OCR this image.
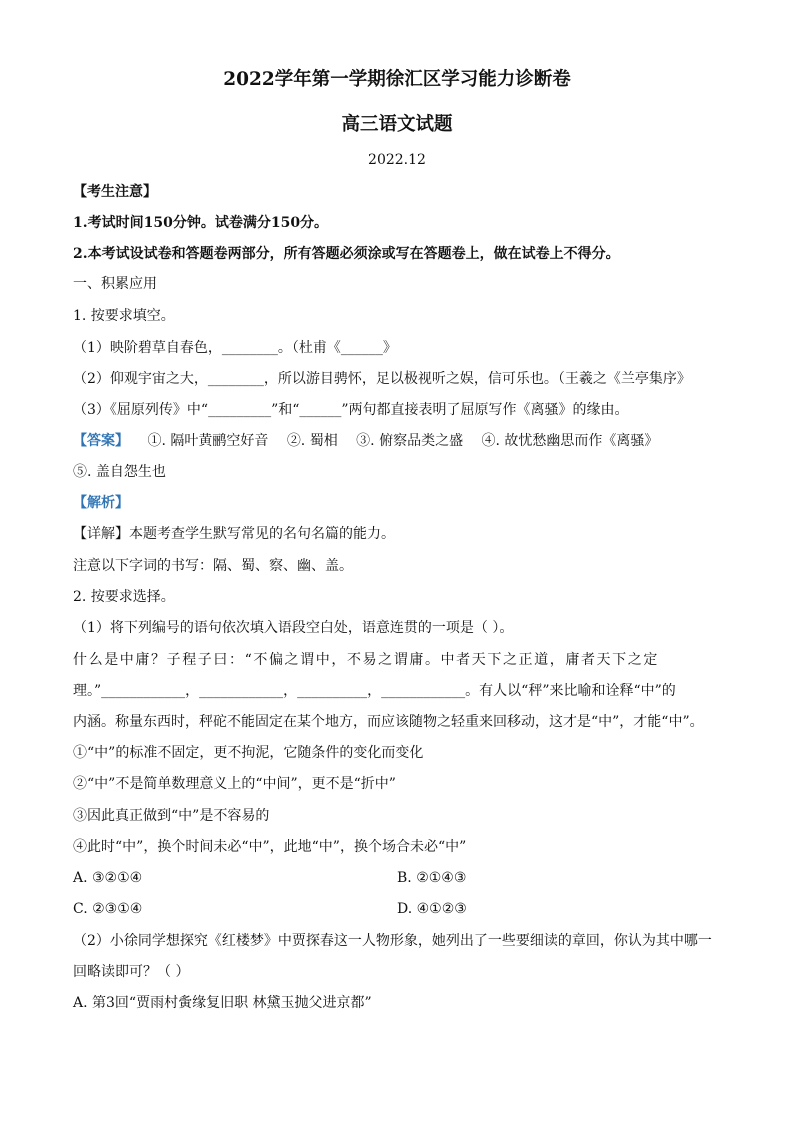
2022学年第一学期徐汇区学习能力诊断卷
高三语文试题
2022.12
【考生注意】
1.考试时间150分钟。试卷满分150分。
2.本考试设试卷和答题卷两部分，所有答题必须涂或写在答题卷上，做在试卷上不得分。
一、积累应用
1. 按要求填空。
（1）映阶碧草自春色，________。（杜甫《______》
（2）仰观宇宙之大，________，所以游目骋怀，足以极视听之娱，信可乐也。（王羲之《兰亭集序》
（3）《屈原列传》中“_________”和“______”两句都直接表明了屈原写作《离骚》的缘由。
【答案】 ①. 隔叶黄鹂空好音 ②. 蜀相 ③. 俯察品类之盛 ④. 故忧愁幽思而作《离骚》
⑤. 盖自怨生也
【解析】
【详解】本题考查学生默写常见的名句名篇的能力。
注意以下字词的书写：隔、蜀、察、幽、盖。
2. 按要求选择。
（1）将下列编号的语句依次填入语段空白处，语意连贯的一项是（ ）。
什么是中庸？子程子曰：“不偏之谓中，不易之谓庸。中者天下之正道，庸者天下之定
理。”____________，____________，__________，____________。有人以“秤”来比喻和诠释“中”的
内涵。称量东西时，秤砣不能固定在某个地方，而应该随物之轻重来回移动，这才是“中”，才能“中”。
①“中”的标准不固定，更不拘泥，它随条件的变化而变化
②“中”不是简单数理意义上的“中间”，更不是“折中”
③因此真正做到“中”是不容易的
④此时“中”，换个时间未必“中”，此地“中”，换个场合未必“中”
A. ③②①④	B. ②①④③
C. ②③①④	D. ④①②③
（2）小徐同学想探究《红楼梦》中贾探春这一人物形象，她列出了一些要细读的章回，你认为其中哪一
回略读即可？（ ）
A. 第3回“贾雨村夤缘复旧职 林黛玉抛父进京都”
